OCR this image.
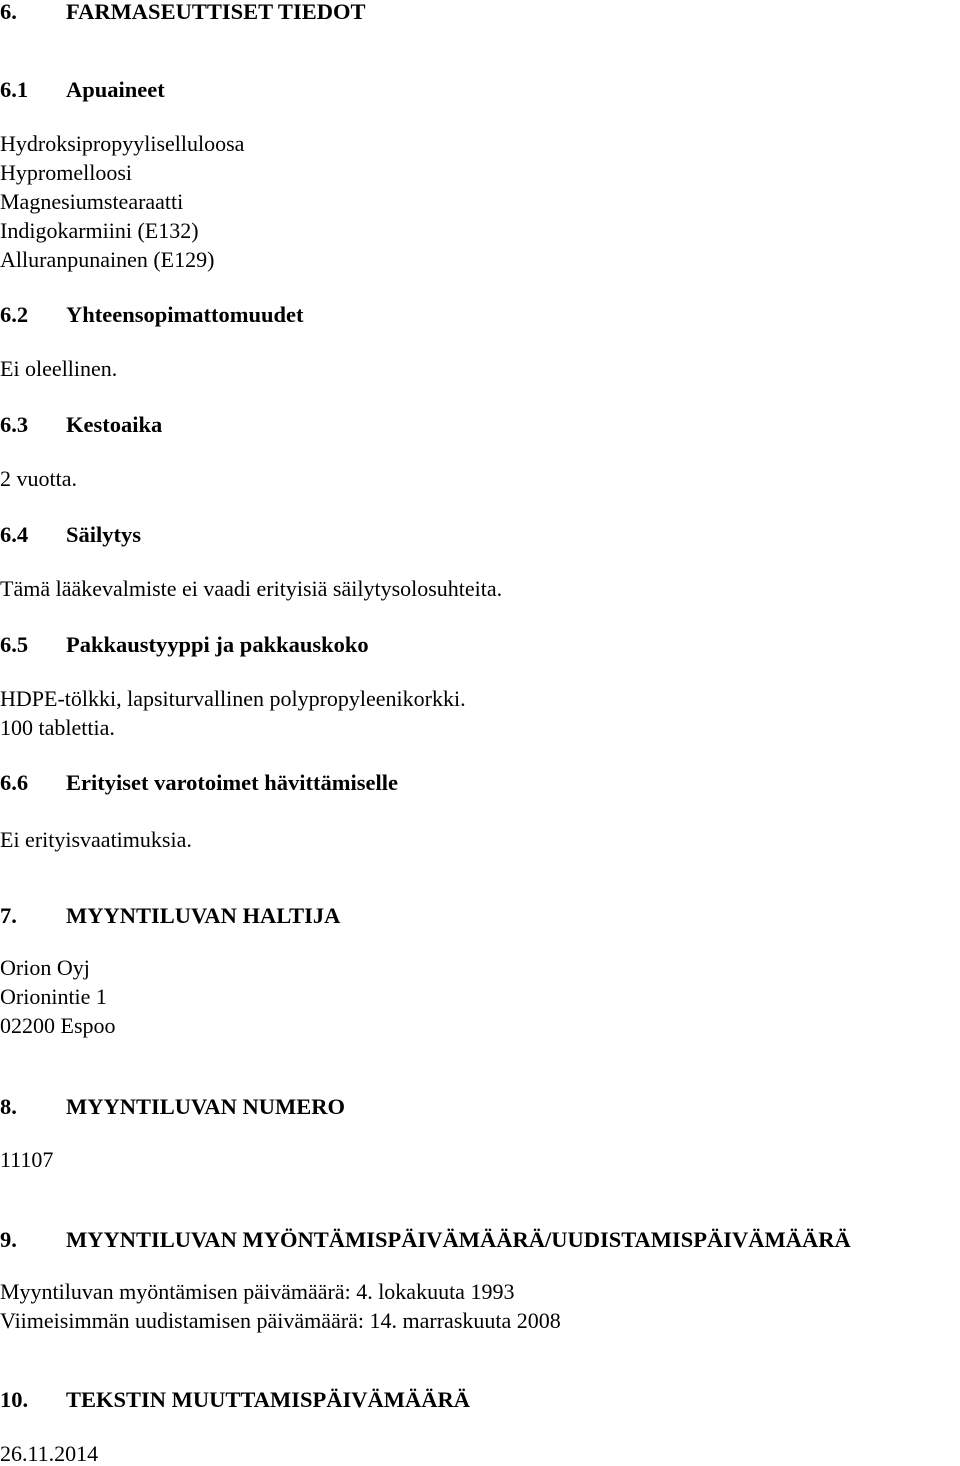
6. FARMASEUTTISET TIEDOT
6.1 Apuaineet
Hydroksipropyyliselluloosa
Hypromelloosi
Magnesiumstearaatti
Indigokarmiini (E132)
Alluranpunainen (E129)
6.2 Yhteensopimattomuudet
Ei oleellinen.
6.3 Kestoaika
2 vuotta.
6.4 Säilytys
Tämä lääkevalmiste ei vaadi erityisiä säilytysolosuhteita.
6.5 Pakkaustyyppi ja pakkauskoko
HDPE-tölkki, lapsiturvallinen polypropyleenikorkki.
100 tablettia.
6.6 Erityiset varotoimet hävittämiselle
Ei erityisvaatimuksia.
7. MYYNTILUVAN HALTIJA
Orion Oyj
Orionintie 1
02200 Espoo
8. MYYNTILUVAN NUMERO
11107
9. MYYNTILUVAN MYÖNTÄMISPÄIVÄMÄÄRÄ/UUDISTAMISPÄIVÄMÄÄRÄ
Myyntiluvan myöntämisen päivämäärä: 4. lokakuuta 1993
Viimeisimmän uudistamisen päivämäärä: 14. marraskuuta 2008
10. TEKSTIN MUUTTAMISPÄIVÄMÄÄRÄ
26.11.2014
